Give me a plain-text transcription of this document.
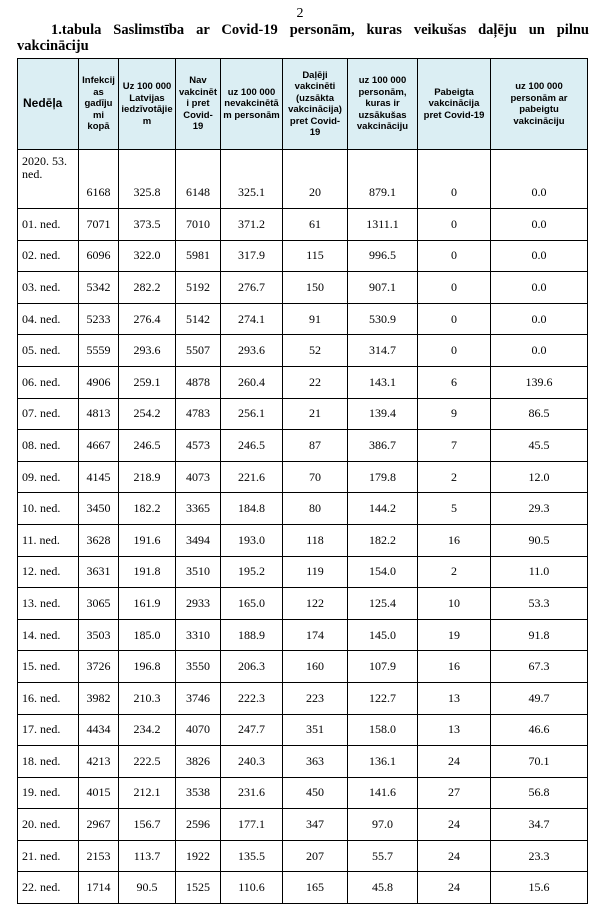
2
1.tabula Saslimstība ar Covid-19 personām, kuras veikušas daļēju un pilnu vakcināciju
Nedēļa	Infekcijas gadījumi kopā	Uz 100 000 Latvijas iedzīvotājiem	Nav vakcinēti pret Covid-19	uz 100 000 nevakcinētām personām	Daļēji vakcinēti (uzsākta vakcinācija) pret Covid-19	uz 100 000 personām, kuras ir uzsākušas vakcināciju	Pabeigta vakcinācija pret Covid-19	uz 100 000 personām ar pabeigtu vakcināciju
2020. 53. ned.	6168	325.8	6148	325.1	20	879.1	0	0.0
01. ned.	7071	373.5	7010	371.2	61	1311.1	0	0.0
02. ned.	6096	322.0	5981	317.9	115	996.5	0	0.0
03. ned.	5342	282.2	5192	276.7	150	907.1	0	0.0
04. ned.	5233	276.4	5142	274.1	91	530.9	0	0.0
05. ned.	5559	293.6	5507	293.6	52	314.7	0	0.0
06. ned.	4906	259.1	4878	260.4	22	143.1	6	139.6
07. ned.	4813	254.2	4783	256.1	21	139.4	9	86.5
08. ned.	4667	246.5	4573	246.5	87	386.7	7	45.5
09. ned.	4145	218.9	4073	221.6	70	179.8	2	12.0
10. ned.	3450	182.2	3365	184.8	80	144.2	5	29.3
11. ned.	3628	191.6	3494	193.0	118	182.2	16	90.5
12. ned.	3631	191.8	3510	195.2	119	154.0	2	11.0
13. ned.	3065	161.9	2933	165.0	122	125.4	10	53.3
14. ned.	3503	185.0	3310	188.9	174	145.0	19	91.8
15. ned.	3726	196.8	3550	206.3	160	107.9	16	67.3
16. ned.	3982	210.3	3746	222.3	223	122.7	13	49.7
17. ned.	4434	234.2	4070	247.7	351	158.0	13	46.6
18. ned.	4213	222.5	3826	240.3	363	136.1	24	70.1
19. ned.	4015	212.1	3538	231.6	450	141.6	27	56.8
20. ned.	2967	156.7	2596	177.1	347	97.0	24	34.7
21. ned.	2153	113.7	1922	135.5	207	55.7	24	23.3
22. ned.	1714	90.5	1525	110.6	165	45.8	24	15.6
